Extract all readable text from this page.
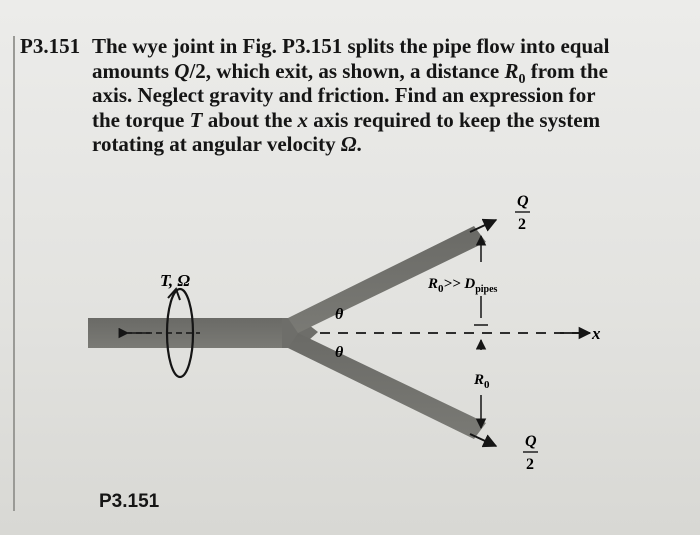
P3.151 The wye joint in Fig. P3.151 splits the pipe flow into equal
amounts Q/2, which exit, as shown, a distance $R_0$ from the
axis. Neglect gravity and friction. Find an expression for
the torque T about the x axis required to keep the system
rotating at angular velocity Ω.
T, Ω
θ
θ
Q
2
Q
2
$R_0>> D_{pipes}$
$R_0$
x
P3.151
